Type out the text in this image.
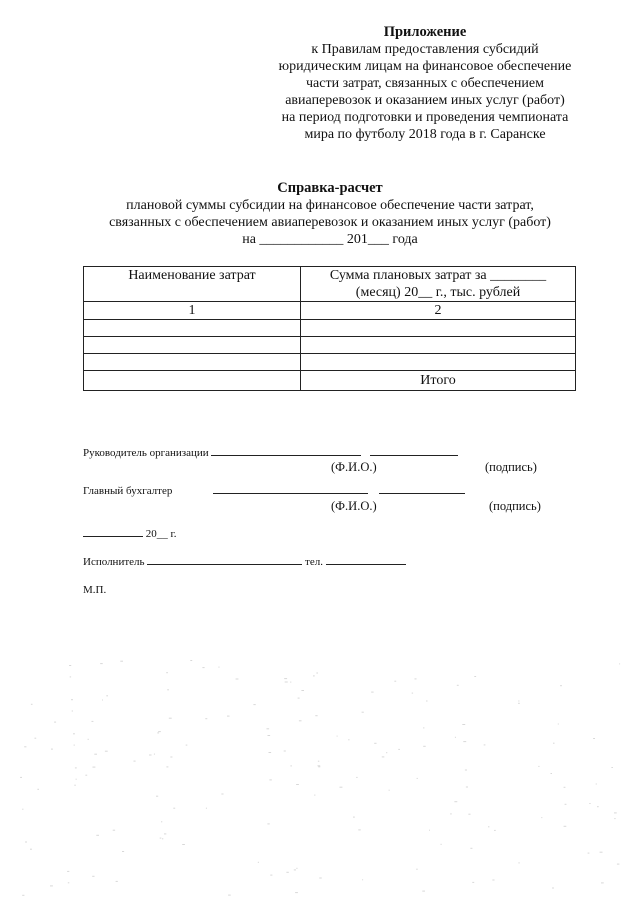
Приложение
к Правилам предоставления субсидий
юридическим лицам на финансовое обеспечение
части затрат, связанных с обеспечением
авиаперевозок и оказанием иных услуг (работ)
на период подготовки и проведения чемпионата
мира по футболу 2018 года в г. Саранске
Справка-расчет
плановой суммы субсидии на финансовое обеспечение части затрат,
связанных с обеспечением авиаперевозок и оказанием иных услуг (работ)
на ____________ 201___ года
Наименование затрат	Сумма плановых затрат за ________
(месяц) 20__ г., тыс. рублей

1	2

	Итого
Руководитель организации
(Ф.И.О.)	(подпись)
Главный бухгалтер
(Ф.И.О.)	(подпись)
20__ г.
Исполнитель	тел.
М.П.
